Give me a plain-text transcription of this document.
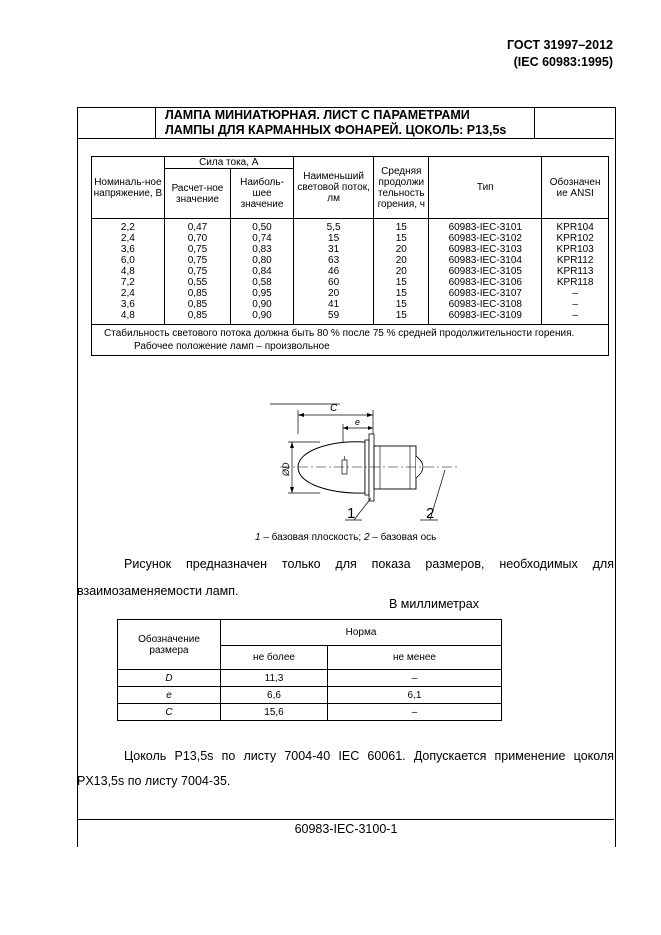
ГОСТ 31997–2012
(IEC 60983:1995)
ЛАМПА МИНИАТЮРНАЯ. ЛИСТ С ПАРАМЕТРАМИ
ЛАМПЫ ДЛЯ КАРМАННЫХ ФОНАРЕЙ. ЦОКОЛЬ: P13,5s
Номиналь-ное напряжение, В	Сила тока, А		Наименьший световой поток, лм	Средняя продолжи тельность горения, ч	Тип	Обозначен ие ANSI
	Расчет-ное значение	Наиболь-шее значение				
2,2	0,47	0,50	5,5	15	60983-IEC-3101	KPR104
2,4	0,70	0,74	15	15	60983-IEC-3102	KPR102
3,6	0,75	0,83	31	20	60983-IEC-3103	KPR103
6,0	0,75	0,80	63	20	60983-IEC-3104	KPR112
4,8	0,75	0,84	46	20	60983-IEC-3105	KPR113
7,2	0,55	0,58	60	15	60983-IEC-3106	KPR118
2,4	0,85	0,95	20	15	60983-IEC-3107	–
3,6	0,85	0,90	41	15	60983-IEC-3108	–
4,8	0,85	0,90	59	15	60983-IEC-3109	–

Стабильность светового потока должна быть 80 % после 75 % средней продолжительности горения.
Рабочее положение ламп – произвольное						
C
e
ØD
1	2
1 – базовая плоскость; 2 – базовая ось

Рисунок предназначен только для показа размеров, необходимых для взаимозаменяемости ламп.

В миллиметрах
Обозначение размера	Норма	
	не более	не менее
D	11,3	–
e	6,6	6,1
C	15,6	–
Цоколь P13,5s по листу 7004-40 IEC 60061. Допускается применение цоколя PX13,5s по листу 7004-35.
60983-IEC-3100-1
